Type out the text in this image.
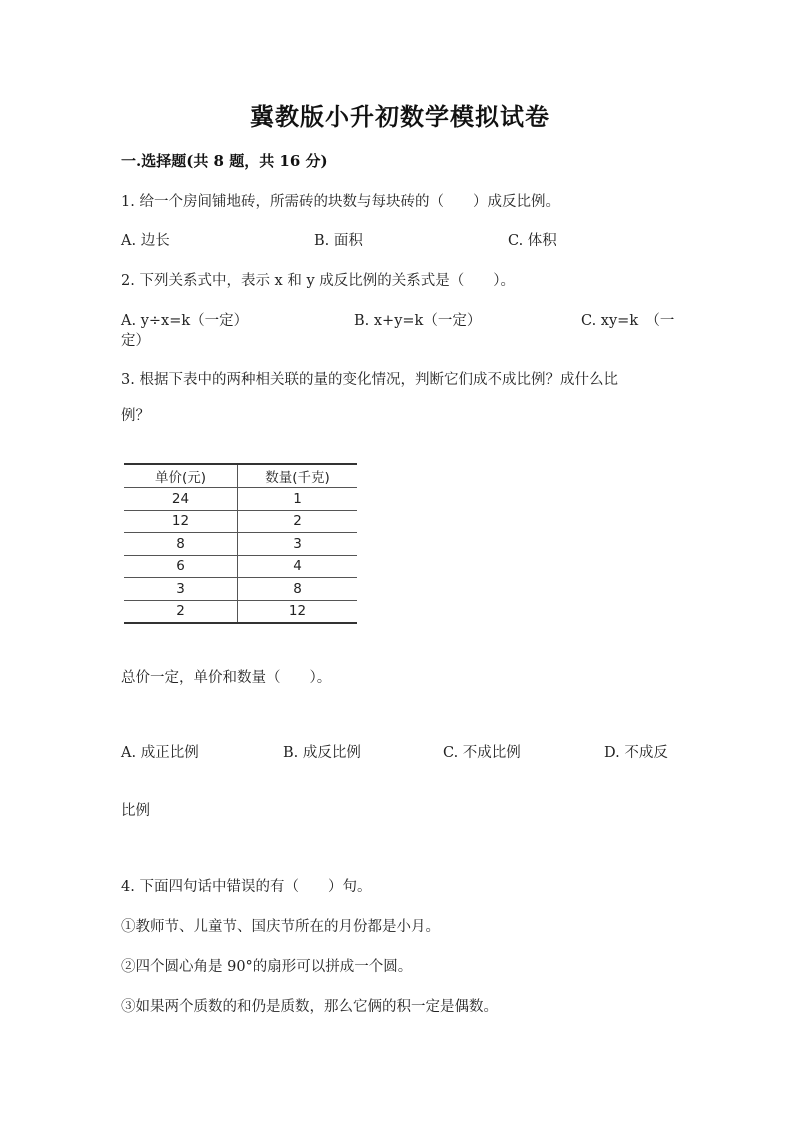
冀教版小升初数学模拟试卷
一.选择题(共 8 题，共 16 分)
1. 给一个房间铺地砖，所需砖的块数与每块砖的（　　）成反比例。
A. 边长	B. 面积	C. 体积
2. 下列关系式中，表示 x 和 y 成反比例的关系式是（　　）。
A. y÷x=k（一定）	B. x+y=k（一定）	C. xy=k　（一
定）
3. 根据下表中的两种相关联的量的变化情况，判断它们成不成比例？成什么比
例？
单价(元)	数量(千克)
24	1
12	2
8	3
6	4
3	8
2	12
总价一定，单价和数量（　　）。
A. 成正比例	B. 成反比例	C. 不成比例	D. 不成反
比例
4. 下面四句话中错误的有（　　）句。
①教师节、儿童节、国庆节所在的月份都是小月。
②四个圆心角是 90°的扇形可以拼成一个圆。
③如果两个质数的和仍是质数，那么它俩的积一定是偶数。
